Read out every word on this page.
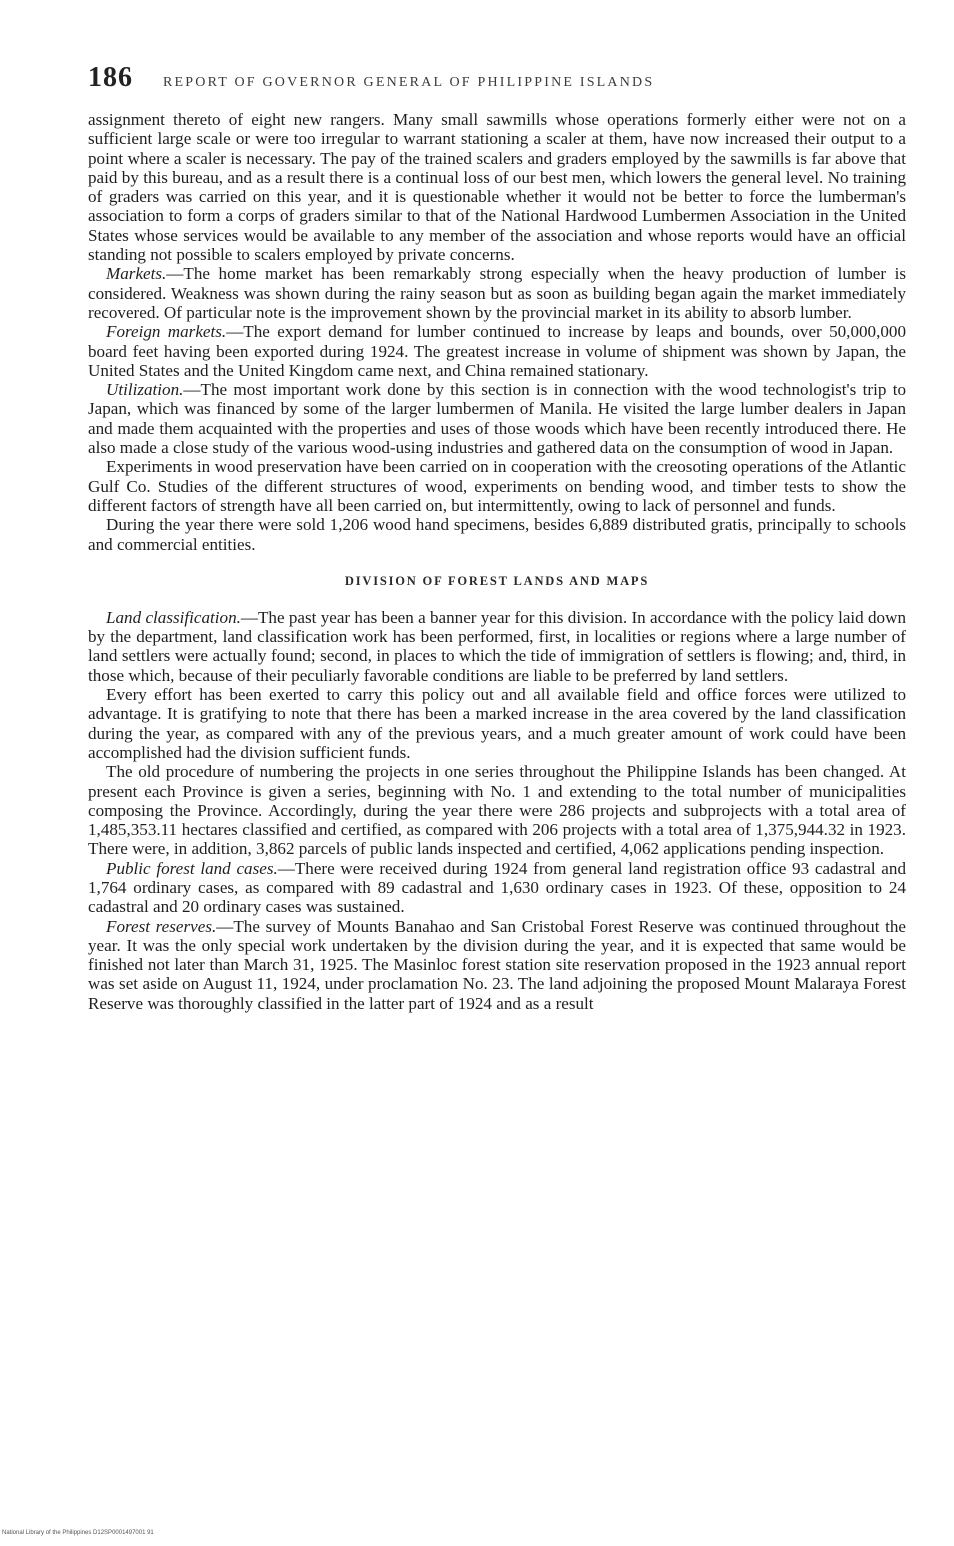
186 REPORT OF GOVERNOR GENERAL OF PHILIPPINE ISLANDS

assignment thereto of eight new rangers. Many small sawmills whose operations formerly either were not on a sufficient large scale or were too irregular to warrant stationing a scaler at them, have now increased their output to a point where a scaler is necessary. The pay of the trained scalers and graders employed by the sawmills is far above that paid by this bureau, and as a result there is a continual loss of our best men, which lowers the general level. No training of graders was carried on this year, and it is questionable whether it would not be better to force the lumberman's association to form a corps of graders similar to that of the National Hardwood Lumbermen Association in the United States whose services would be available to any member of the association and whose reports would have an official standing not possible to scalers employed by private concerns.

Markets.—The home market has been remarkably strong especially when the heavy production of lumber is considered. Weakness was shown during the rainy season but as soon as building began again the market immediately recovered. Of particular note is the improvement shown by the provincial market in its ability to absorb lumber.

Foreign markets.—The export demand for lumber continued to increase by leaps and bounds, over 50,000,000 board feet having been exported during 1924. The greatest increase in volume of shipment was shown by Japan, the United States and the United Kingdom came next, and China remained stationary.

Utilization.—The most important work done by this section is in connection with the wood technologist's trip to Japan, which was financed by some of the larger lumbermen of Manila. He visited the large lumber dealers in Japan and made them acquainted with the properties and uses of those woods which have been recently introduced there. He also made a close study of the various wood-using industries and gathered data on the consumption of wood in Japan.

Experiments in wood preservation have been carried on in cooperation with the creosoting operations of the Atlantic Gulf Co. Studies of the different structures of wood, experiments on bending wood, and timber tests to show the different factors of strength have all been carried on, but intermittently, owing to lack of personnel and funds.

During the year there were sold 1,206 wood hand specimens, besides 6,889 distributed gratis, principally to schools and commercial entities.

DIVISION OF FOREST LANDS AND MAPS

Land classification.—The past year has been a banner year for this division. In accordance with the policy laid down by the department, land classification work has been performed, first, in localities or regions where a large number of land settlers were actually found; second, in places to which the tide of immigration of settlers is flowing; and, third, in those which, because of their peculiarly favorable conditions are liable to be preferred by land settlers.

Every effort has been exerted to carry this policy out and all available field and office forces were utilized to advantage. It is gratifying to note that there has been a marked increase in the area covered by the land classification during the year, as compared with any of the previous years, and a much greater amount of work could have been accomplished had the division sufficient funds.

The old procedure of numbering the projects in one series throughout the Philippine Islands has been changed. At present each Province is given a series, beginning with No. 1 and extending to the total number of municipalities composing the Province. Accordingly, during the year there were 286 projects and subprojects with a total area of 1,485,353.11 hectares classified and certified, as compared with 206 projects with a total area of 1,375,944.32 in 1923. There were, in addition, 3,862 parcels of public lands inspected and certified, 4,062 applications pending inspection.

Public forest land cases.—There were received during 1924 from general land registration office 93 cadastral and 1,764 ordinary cases, as compared with 89 cadastral and 1,630 ordinary cases in 1923. Of these, opposition to 24 cadastral and 20 ordinary cases was sustained.

Forest reserves.—The survey of Mounts Banahao and San Cristobal Forest Reserve was continued throughout the year. It was the only special work undertaken by the division during the year, and it is expected that same would be finished not later than March 31, 1925. The Masinloc forest station site reservation proposed in the 1923 annual report was set aside on August 11, 1924, under proclamation No. 23. The land adjoining the proposed Mount Malaraya Forest Reserve was thoroughly classified in the latter part of 1924 and as a result

National Library of the Philippines D12SP0001497001 91
